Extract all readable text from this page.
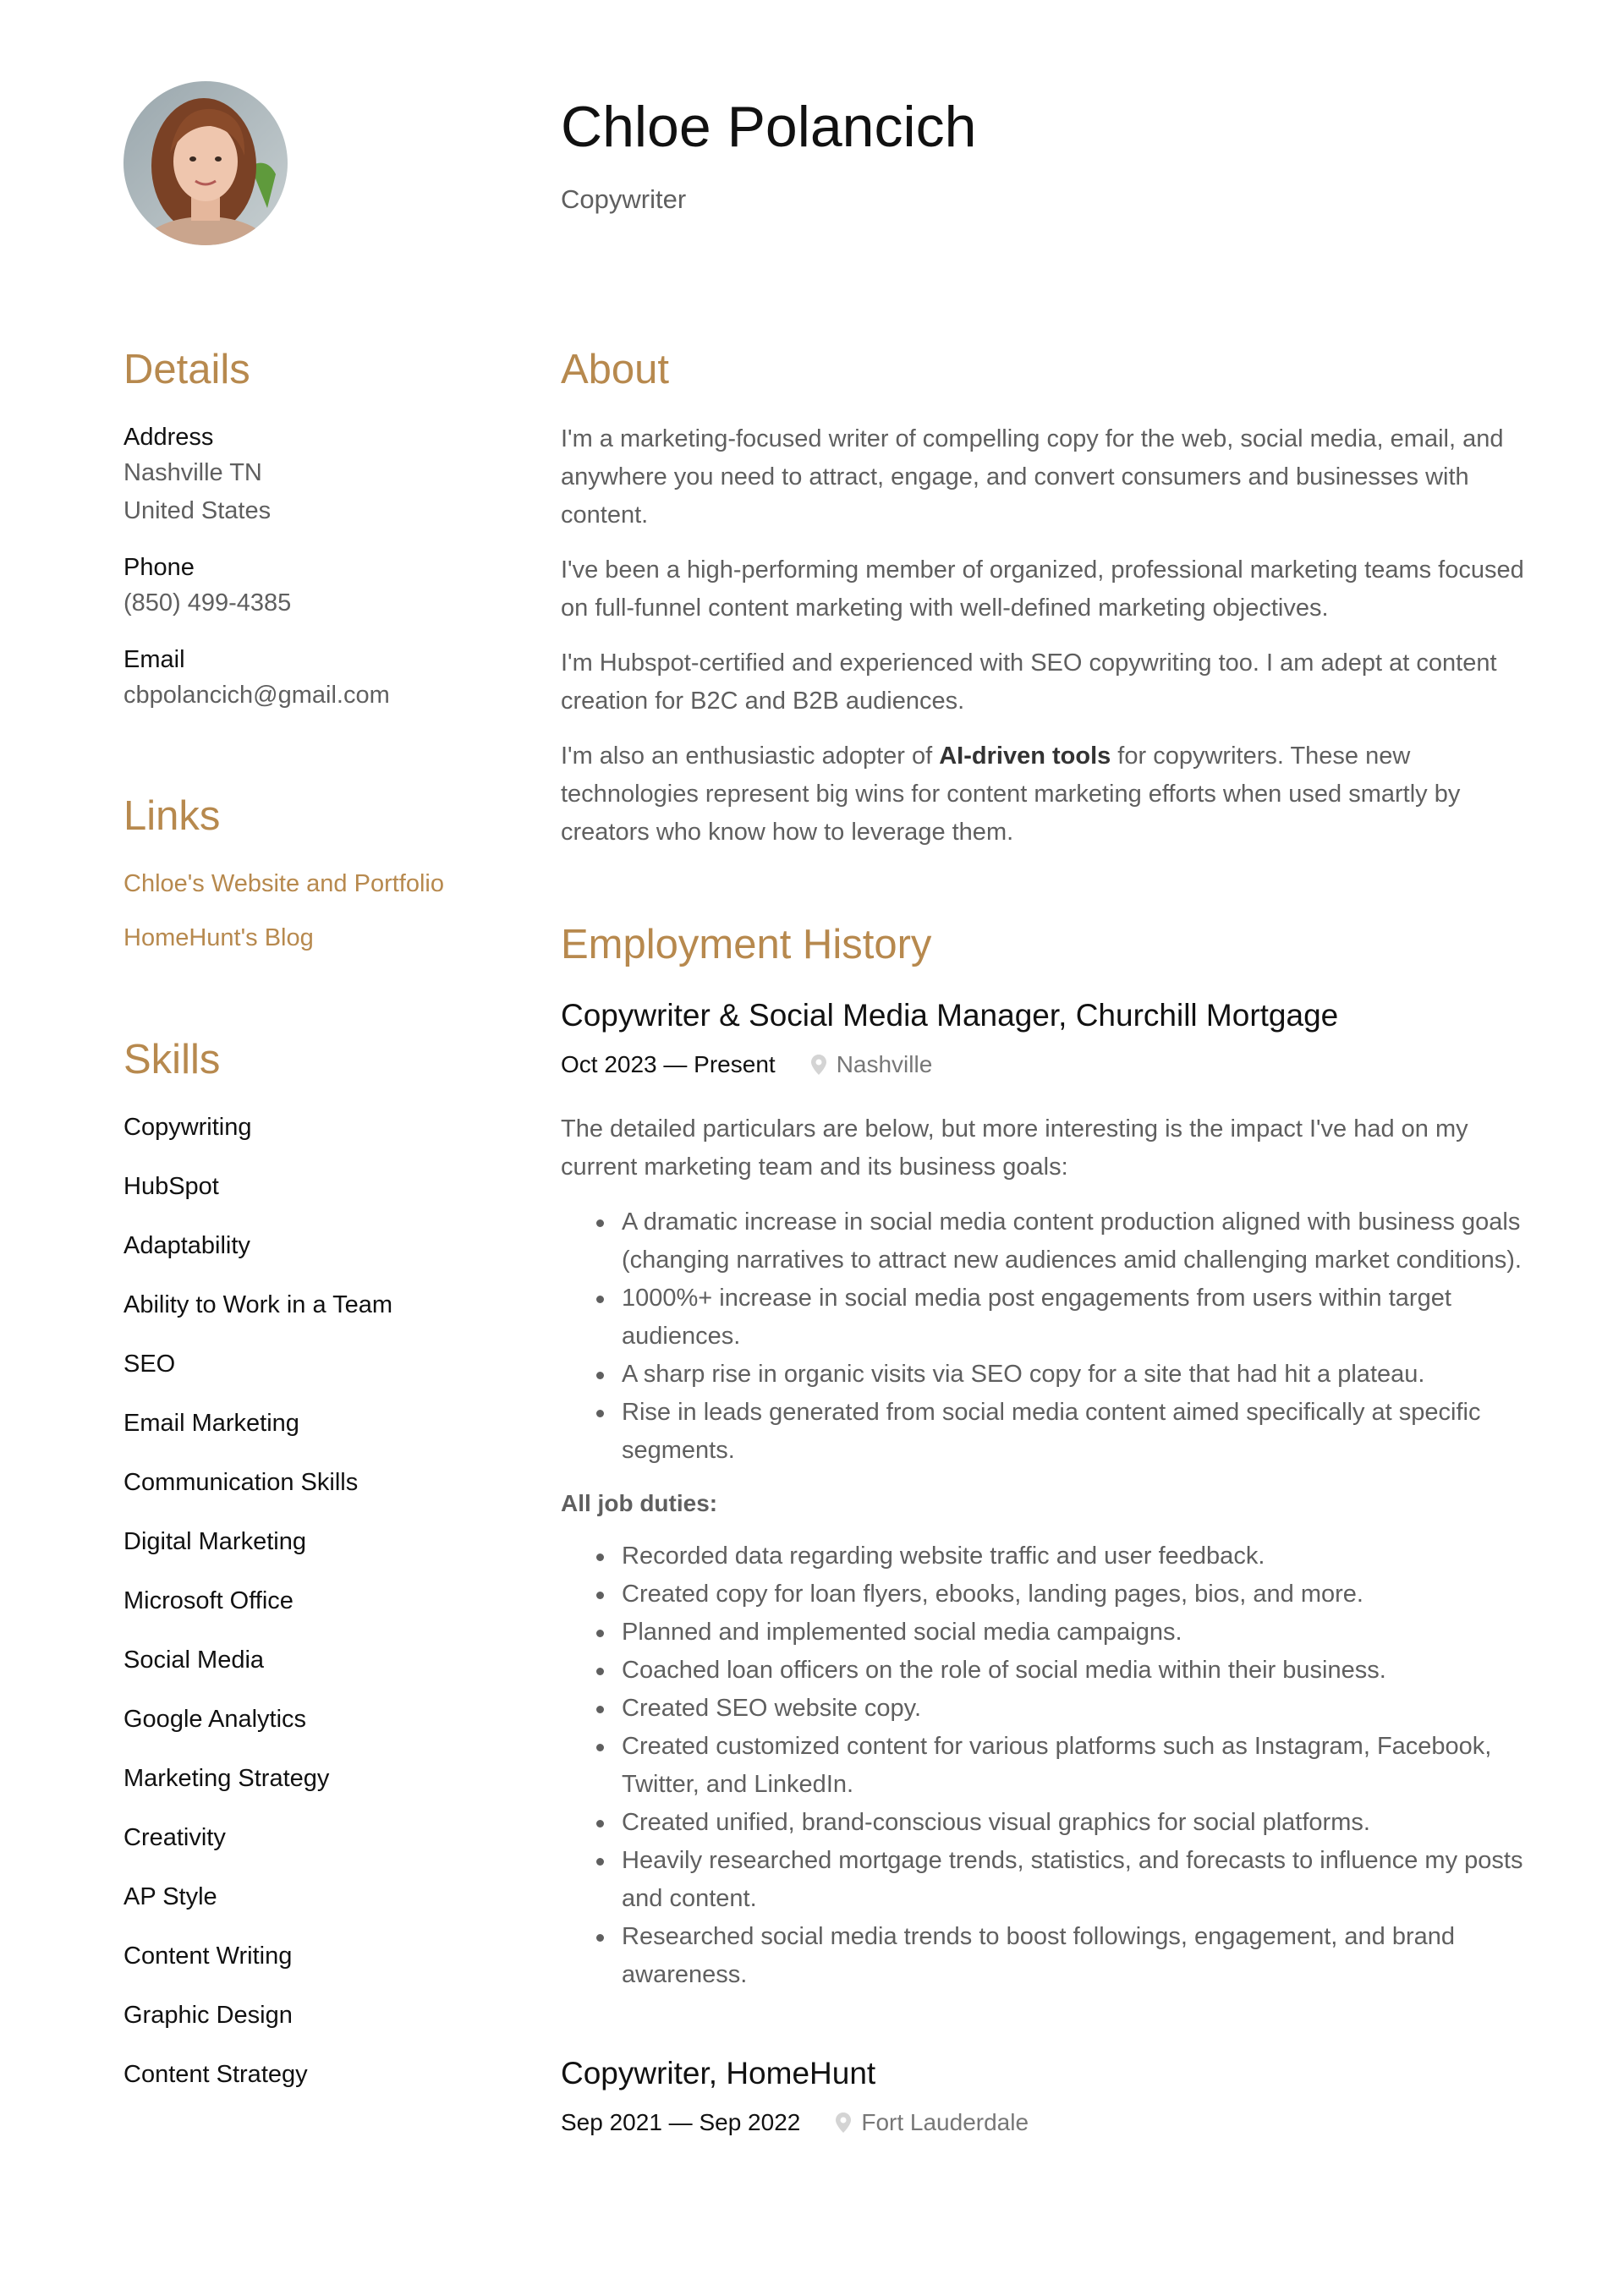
Chloe Polancich
Copywriter
Details

Address

Nashville TN

United States

Phone

(850) 499-4385

Email

cbpolancich@gmail.com

Links
Chloe's Website and Portfolio
HomeHunt's Blog
Skills

Copywriting

HubSpot

Adaptability

Ability to Work in a Team

SEO

Email Marketing

Communication Skills

Digital Marketing

Microsoft Office

Social Media

Google Analytics

Marketing Strategy

Creativity

AP Style

Content Writing

Graphic Design

Content Strategy

About

I'm a marketing-focused writer of compelling copy for the web, social media, email, and anywhere you need to attract, engage, and convert consumers and businesses with content.

I've been a high-performing member of organized, professional marketing teams focused on full-funnel content marketing with well-defined marketing objectives.

I'm Hubspot-certified and experienced with SEO copywriting too. I am adept at content creation for B2C and B2B audiences.

I'm also an enthusiastic adopter of AI-driven tools for copywriters. These new technologies represent big wins for content marketing efforts when used smartly by creators who know how to leverage them.

Employment History
Copywriter & Social Media Manager, Churchill Mortgage
Oct 2023 — Present	Nashville

The detailed particulars are below, but more interesting is the impact I've had on my current marketing team and its business goals:

A dramatic increase in social media content production aligned with business goals (changing narratives to attract new audiences amid challenging market conditions).
1000%+ increase in social media post engagements from users within target audiences.
A sharp rise in organic visits via SEO copy for a site that had hit a plateau.
Rise in leads generated from social media content aimed specifically at specific segments.

All job duties:

Recorded data regarding website traffic and user feedback.
Created copy for loan flyers, ebooks, landing pages, bios, and more.
Planned and implemented social media campaigns.
Coached loan officers on the role of social media within their business.
Created SEO website copy.
Created customized content for various platforms such as Instagram, Facebook, Twitter, and LinkedIn.
Created unified, brand-conscious visual graphics for social platforms.
Heavily researched mortgage trends, statistics, and forecasts to influence my posts and content.
Researched social media trends to boost followings, engagement, and brand awareness.
Copywriter, HomeHunt
Sep 2021 — Sep 2022	Fort Lauderdale
